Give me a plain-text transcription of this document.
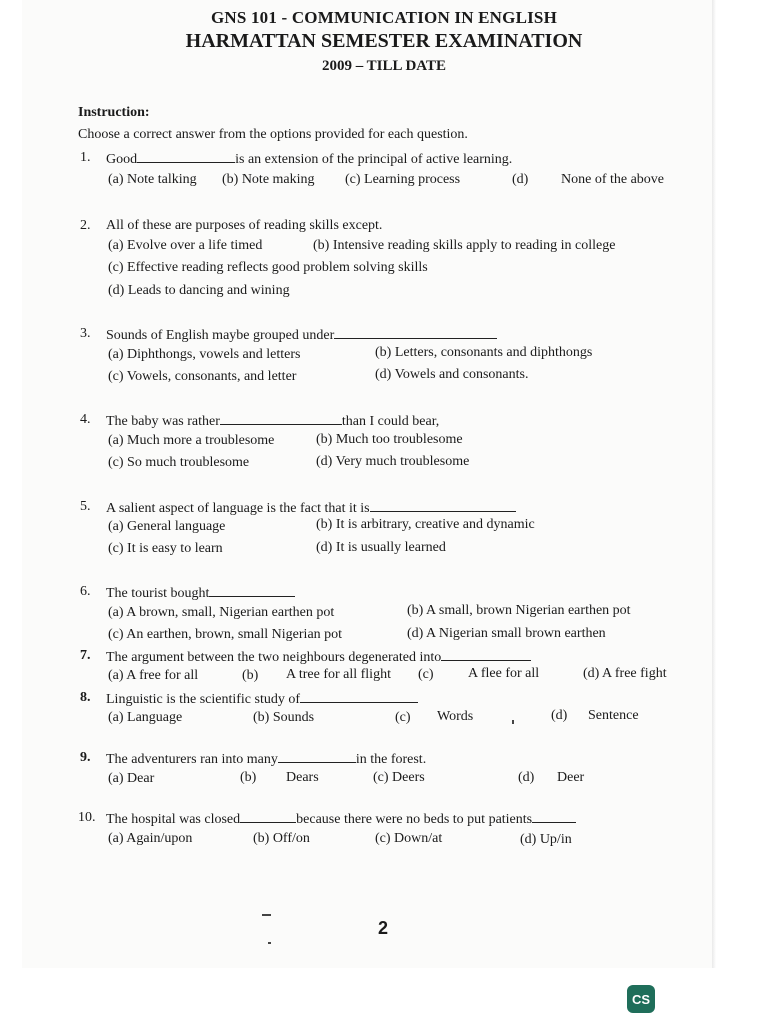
GNS 101 - COMMUNICATION IN ENGLISH
HARMATTAN SEMESTER EXAMINATION
2009 – TILL DATE
Instruction:
Choose a correct answer from the options provided for each question.
1. Good	is an extension of the principal of active learning.
(a) Note talking (b) Note making (c) Learning process	(d) None of the above
2. All of these are purposes of reading skills except.
(a) Evolve over a life timed	(b) Intensive reading skills apply to reading in college
(c) Effective reading reflects good problem solving skills
(d) Leads to dancing and wining
3. Sounds of English maybe grouped under
(a) Diphthongs, vowels and letters	(b) Letters, consonants and diphthongs
(c) Vowels, consonants, and letter	(d) Vowels and consonants.
4. The baby was rather	than I could bear,
(a) Much more a troublesome	(b) Much too troublesome
(c) So much troublesome	(d) Very much troublesome
5. A salient aspect of language is the fact that it is
(a) General language	(b) It is arbitrary, creative and dynamic
(c) It is easy to learn	(d) It is usually learned
6. The tourist bought
(a) A brown, small, Nigerian earthen pot	(b) A small, brown Nigerian earthen pot
(c) An earthen, brown, small Nigerian pot	(d) A Nigerian small brown earthen
7. The argument between the two neighbours degenerated into
(a) A free for all	(b) A tree for all flight (c) A flee for all	(d) A free fight
8. Linguistic is the scientific study of
(a) Language	(b) Sounds	(c) Words	(d) Sentence
9. The adventurers ran into many	in the forest.
(a) Dear	(b) Dears	(c) Deers	(d) Deer
10. The hospital was closed	because there were no beds to put patients
(a) Again/upon	(b) Off/on	(c) Down/at	(d) Up/in
2
CS
